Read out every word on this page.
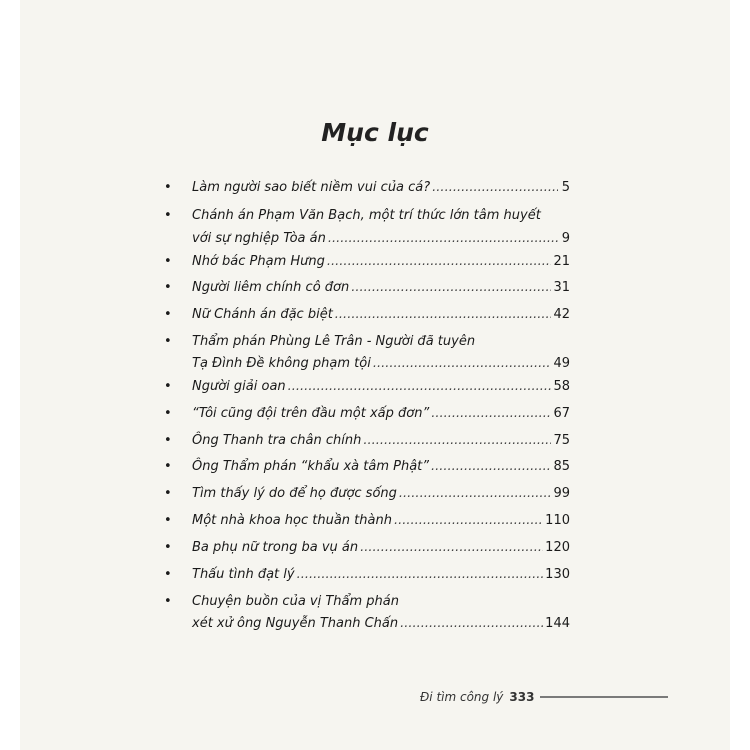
Mục lục
• Làm người sao biết niềm vui của cá? .....	5
• Chánh án Phạm Văn Bạch, một trí thức lớn tâm huyết
với sự nghiệp Tòa án .....	9
• Nhớ bác Phạm Hưng .....	21
• Người liêm chính cô đơn .....	31
• Nữ Chánh án đặc biệt .....	42
• Thẩm phán Phùng Lê Trân - Người đã tuyên
Tạ Đình Đề không phạm tội .....	49
• Người giải oan .....	58
• “Tôi cũng đội trên đầu một xấp đơn” .....	67
• Ông Thanh tra chân chính .....	75
• Ông Thẩm phán “khẩu xà tâm Phật” .....	85
• Tìm thấy lý do để họ được sống .....	99
• Một nhà khoa học thuần thành .....	110
• Ba phụ nữ trong ba vụ án .....	120
• Thấu tình đạt lý .....	130
• Chuyện buồn của vị Thẩm phán
xét xử ông Nguyễn Thanh Chấn .....	144
Đi tìm công lý 333
